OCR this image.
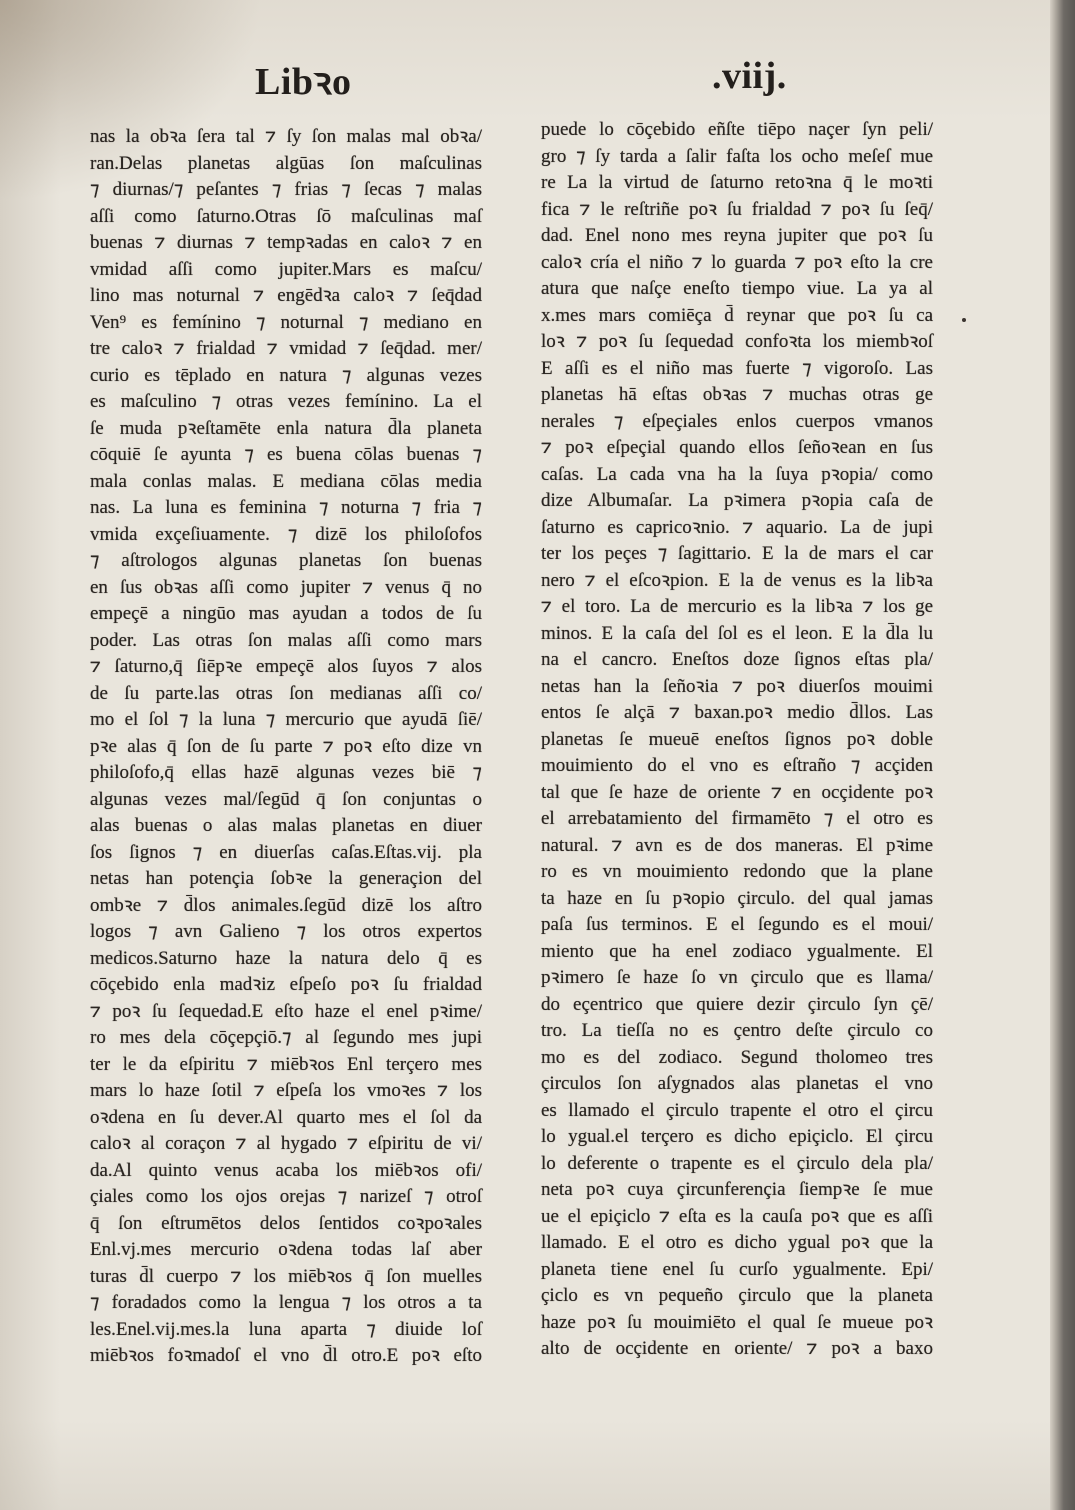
Libꝛo	.viij.
nas la obꝛa ſera tal ⁊ ſy ſon malas mal obꝛa/
ran.Delas planetas algūas ſon maſculinas
⁊ diurnas/⁊ peſantes ⁊ frias ⁊ ſecas ⁊ malas
aſſi como ſaturno.Otras ſō maſculinas maſ
buenas ⁊ diurnas ⁊ tempꝛadas en caloꝛ ⁊ en
vmidad aſſi como jupiter.Mars es maſcu/
lino mas noturnal ⁊ engēdꝛa caloꝛ ⁊ ſeq̄dad
Ven⁹ es femínino ⁊ noturnal ⁊ mediano en
tre caloꝛ ⁊ frialdad ⁊ vmidad ⁊ ſeq̄dad. mer/
curio es tēplado en natura ⁊ algunas vezes
es maſculino ⁊ otras vezes femínino. La el
ſe muda pꝛeſtamēte enla natura d̄la planeta
cōquiē ſe ayunta ⁊ es buena cōlas buenas ⁊
mala conlas malas. E mediana cōlas media
nas. La luna es feminina ⁊ noturna ⁊ fria ⁊
vmida exçeſiuamente. ⁊ dizē los philoſofos
⁊ aſtrologos algunas planetas ſon buenas
en ſus obꝛas aſſi como jupiter ⁊ venus q̄ no
empeçē a ningūo mas ayudan a todos de ſu
poder. Las otras ſon malas aſſi como mars
⁊ ſaturno,q̄ ſiēpꝛe empeçē alos ſuyos ⁊ alos
de ſu parte.las otras ſon medianas aſſi co/
mo el ſol ⁊ la luna ⁊ mercurio que ayudā ſiē/
pꝛe alas q̄ ſon de ſu parte ⁊ poꝛ eſto dize vn
philoſofo,q̄ ellas hazē algunas vezes biē ⁊
algunas vezes mal/ſegūd q̄ ſon conjuntas o
alas buenas o alas malas planetas en diuer
ſos ſignos ⁊ en diuerſas caſas.Eſtas.vij. pla
netas han potençia ſobꝛe la generaçion del
ombꝛe ⁊ d̄los animales.ſegūd dizē los aſtro
logos ⁊ avn Galieno ⁊ los otros expertos
medicos.Saturno haze la natura delo q̄ es
cōçebido enla madꝛiz eſpeſo poꝛ ſu frialdad
⁊ poꝛ ſu ſequedad.E eſto haze el enel pꝛime/
ro mes dela cōçepçiō.⁊ al ſegundo mes jupi
ter le da eſpiritu ⁊ miēbꝛos Enl terçero mes
mars lo haze ſotil ⁊ eſpeſa los vmoꝛes ⁊ los
oꝛdena en ſu dever.Al quarto mes el ſol da
caloꝛ al coraçon ⁊ al hygado ⁊ eſpiritu de vi/
da.Al quinto venus acaba los miēbꝛos ofi/
çiales como los ojos orejas ⁊ narizeſ ⁊ otroſ
q̄ ſon eſtrumētos delos ſentidos coꝛpoꝛales
Enl.vj.mes mercurio oꝛdena todas laſ aber
turas d̄l cuerpo ⁊ los miēbꝛos q̄ ſon muelles
⁊ foradados como la lengua ⁊ los otros a ta
les.Enel.vij.mes.la luna aparta ⁊ diuide loſ
miēbꝛos foꝛmadoſ el vno d̄l otro.E poꝛ eſto
puede lo cōçebido eñſte tiēpo naçer ſyn peli/
gro ⁊ ſy tarda a ſalir faſta los ocho meſeſ mue
re La la virtud de ſaturno retoꝛna q̄ le moꝛti
fica ⁊ le reſtriñe poꝛ ſu frialdad ⁊ poꝛ ſu ſeq̄/
dad. Enel nono mes reyna jupiter que poꝛ ſu
caloꝛ cría el niño ⁊ lo guarda ⁊ poꝛ eſto la cre
atura que naſçe eneſto tiempo viue. La ya al
x.mes mars comiēça d̄ reynar que poꝛ ſu ca
loꝛ ⁊ poꝛ ſu ſequedad confoꝛta los miembꝛoſ
E aſſi es el niño mas fuerte ⁊ vigoroſo. Las
planetas hā eſtas obꝛas ⁊ muchas otras ge
nerales ⁊ eſpeçiales enlos cuerpos vmanos
⁊ poꝛ eſpeçial quando ellos ſeñoꝛean en ſus
caſas. La cada vna ha la ſuya pꝛopia/ como
dize Albumaſar. La pꝛimera pꝛopia caſa de
ſaturno es capricoꝛnio. ⁊ aquario. La de jupi
ter los peçes ⁊ ſagittario. E la de mars el car
nero ⁊ el eſcoꝛpion. E la de venus es la libꝛa
⁊ el toro. La de mercurio es la libꝛa ⁊ los ge
minos. E la caſa del ſol es el leon. E la d̄la lu
na el cancro. Eneſtos doze ſignos eſtas pla/
netas han la ſeñoꝛia ⁊ poꝛ diuerſos mouimi
entos ſe alçā ⁊ baxan.poꝛ medio d̄llos. Las
planetas ſe mueuē eneſtos ſignos poꝛ doble
mouimiento do el vno es eſtraño ⁊ acçiden
tal que ſe haze de oriente ⁊ en ocçidente poꝛ
el arrebatamiento del firmamēto ⁊ el otro es
natural. ⁊ avn es de dos maneras. El pꝛime
ro es vn mouimiento redondo que la plane
ta haze en ſu pꝛopio çirculo. del qual jamas
paſa ſus terminos. E el ſegundo es el moui/
miento que ha enel zodiaco ygualmente. El
pꝛimero ſe haze ſo vn çirculo que es llama/
do eçentrico que quiere dezir çirculo ſyn çē/
tro. La tieſſa no es çentro deſte çirculo co
mo es del zodiaco. Segund tholomeo tres
çirculos ſon aſygnados alas planetas el vno
es llamado el çirculo trapente el otro el çircu
lo ygual.el terçero es dicho epiçiclo. El çircu
lo deferente o trapente es el çirculo dela pla/
neta poꝛ cuya çircunferençia ſiempꝛe ſe mue
ue el epiçiclo ⁊ eſta es la cauſa poꝛ que es aſſi
llamado. E el otro es dicho ygual poꝛ que la
planeta tiene enel ſu curſo ygualmente. Epi/
çiclo es vn pequeño çirculo que la planeta
haze poꝛ ſu mouimiēto el qual ſe mueue poꝛ
alto de ocçidente en oriente/ ⁊ poꝛ a baxo
